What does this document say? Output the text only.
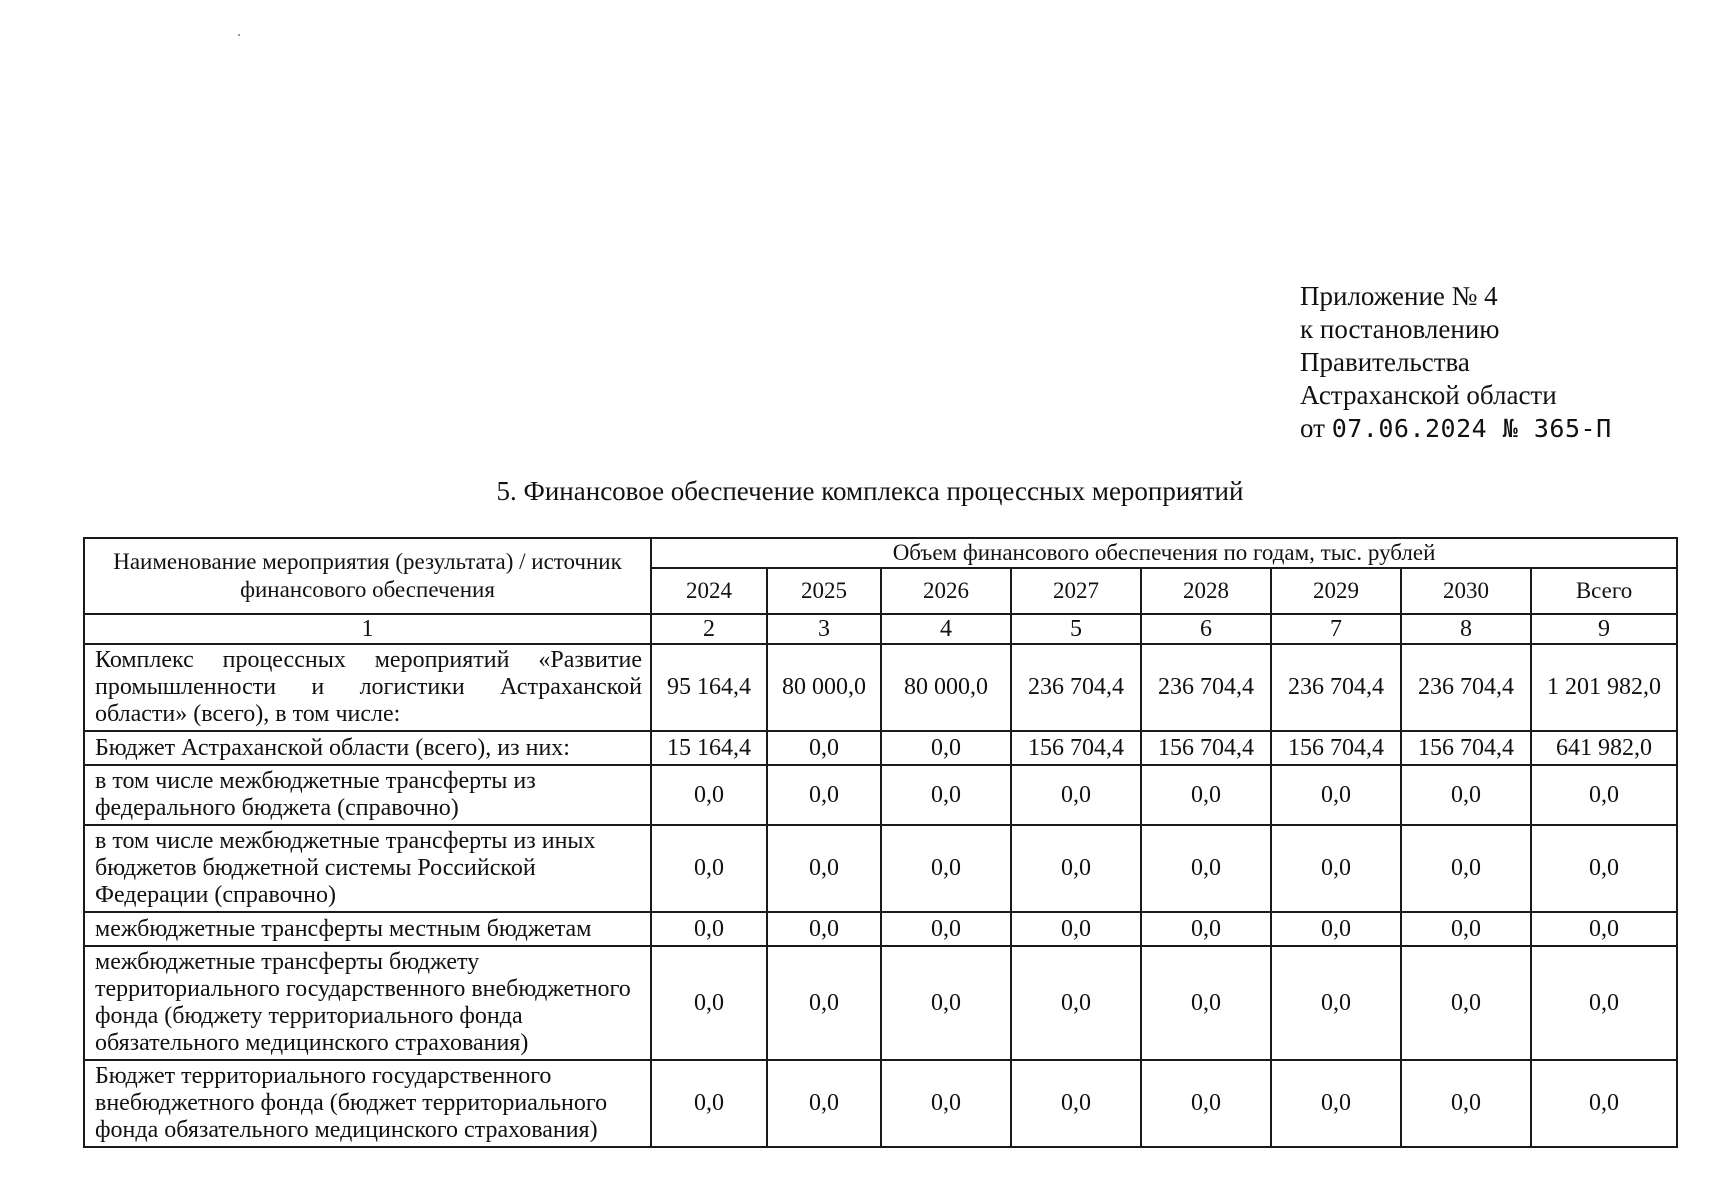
Приложение № 4
к постановлению
Правительства
Астраханской области
от 07.06.2024 № 365-П
5. Финансовое обеспечение комплекса процессных мероприятий
Наименование мероприятия (результата) / источник финансового обеспечения	Объем финансового обеспечения по годам, тыс. рублей							
	2024	2025	2026	2027	2028	2029	2030	Всего
1	2	3	4	5	6	7	8	9
Комплекс процессных мероприятий «Развитие промышленности и логистики Астраханской области» (всего), в том числе:	95 164,4	80 000,0	80 000,0	236 704,4	236 704,4	236 704,4	236 704,4	1 201 982,0
Бюджет Астраханской области (всего), из них:	15 164,4	0,0	0,0	156 704,4	156 704,4	156 704,4	156 704,4	641 982,0
в том числе межбюджетные трансферты из федерального бюджета (справочно)	0,0	0,0	0,0	0,0	0,0	0,0	0,0	0,0
в том числе межбюджетные трансферты из иных бюджетов бюджетной системы Российской Федерации (справочно)	0,0	0,0	0,0	0,0	0,0	0,0	0,0	0,0
межбюджетные трансферты местным бюджетам	0,0	0,0	0,0	0,0	0,0	0,0	0,0	0,0
межбюджетные трансферты бюджету территориального государственного внебюджетного фонда (бюджету территориального фонда обязательного медицинского страхования)	0,0	0,0	0,0	0,0	0,0	0,0	0,0	0,0
Бюджет территориального государственного внебюджетного фонда (бюджет территориального фонда обязательного медицинского страхования)	0,0	0,0	0,0	0,0	0,0	0,0	0,0	0,0
